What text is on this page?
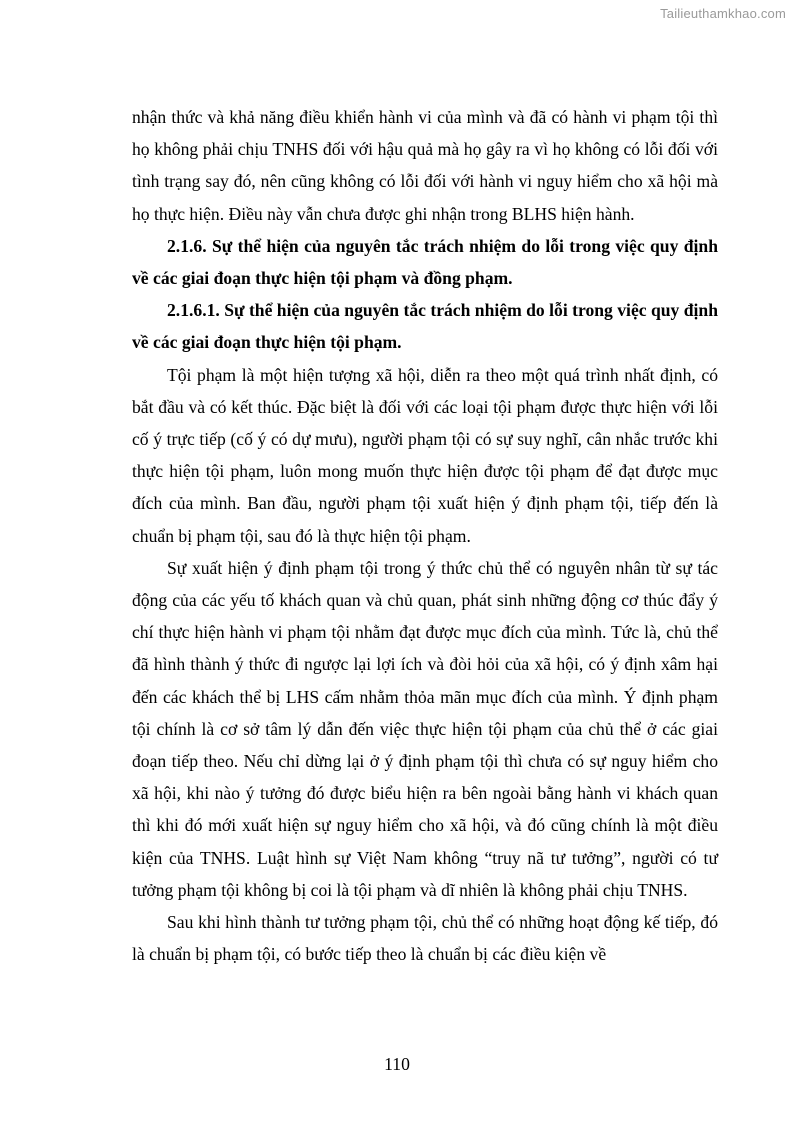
Tailieuthamkhao.com

nhận thức và khả năng điều khiển hành vi của mình và đã có hành vi phạm tội thì họ không phải chịu TNHS đối với hậu quả mà họ gây ra vì họ không có lỗi đối với tình trạng say đó, nên cũng không có lỗi đối với hành vi nguy hiểm cho xã hội mà họ thực hiện. Điều này vẫn chưa được ghi nhận trong BLHS hiện hành.

2.1.6. Sự thể hiện của nguyên tắc trách nhiệm do lỗi trong việc quy định về các giai đoạn thực hiện tội phạm và đồng phạm.

2.1.6.1. Sự thể hiện của nguyên tắc trách nhiệm do lỗi trong việc quy định về các giai đoạn thực hiện tội phạm.

Tội phạm là một hiện tượng xã hội, diễn ra theo một quá trình nhất định, có bắt đầu và có kết thúc. Đặc biệt là đối với các loại tội phạm được thực hiện với lỗi cố ý trực tiếp (cố ý có dự mưu), người phạm tội có sự suy nghĩ, cân nhắc trước khi thực hiện tội phạm, luôn mong muốn thực hiện được tội phạm để đạt được mục đích của mình. Ban đầu, người phạm tội xuất hiện ý định phạm tội, tiếp đến là chuẩn bị phạm tội, sau đó là thực hiện tội phạm.

Sự xuất hiện ý định phạm tội trong ý thức chủ thể có nguyên nhân từ sự tác động của các yếu tố khách quan và chủ quan, phát sinh những động cơ thúc đẩy ý chí thực hiện hành vi phạm tội nhằm đạt được mục đích của mình. Tức là, chủ thể đã hình thành ý thức đi ngược lại lợi ích và đòi hỏi của xã hội, có ý định xâm hại đến các khách thể bị LHS cấm nhằm thỏa mãn mục đích của mình. Ý định phạm tội chính là cơ sở tâm lý dẫn đến việc thực hiện tội phạm của chủ thể ở các giai đoạn tiếp theo. Nếu chỉ dừng lại ở ý định phạm tội thì chưa có sự nguy hiểm cho xã hội, khi nào ý tưởng đó được biểu hiện ra bên ngoài bằng hành vi khách quan thì khi đó mới xuất hiện sự nguy hiểm cho xã hội, và đó cũng chính là một điều kiện của TNHS. Luật hình sự Việt Nam không “truy nã tư tưởng”, người có tư tưởng phạm tội không bị coi là tội phạm và dĩ nhiên là không phải chịu TNHS.

Sau khi hình thành tư tưởng phạm tội, chủ thể có những hoạt động kế tiếp, đó là chuẩn bị phạm tội, có bước tiếp theo là chuẩn bị các điều kiện về

110
